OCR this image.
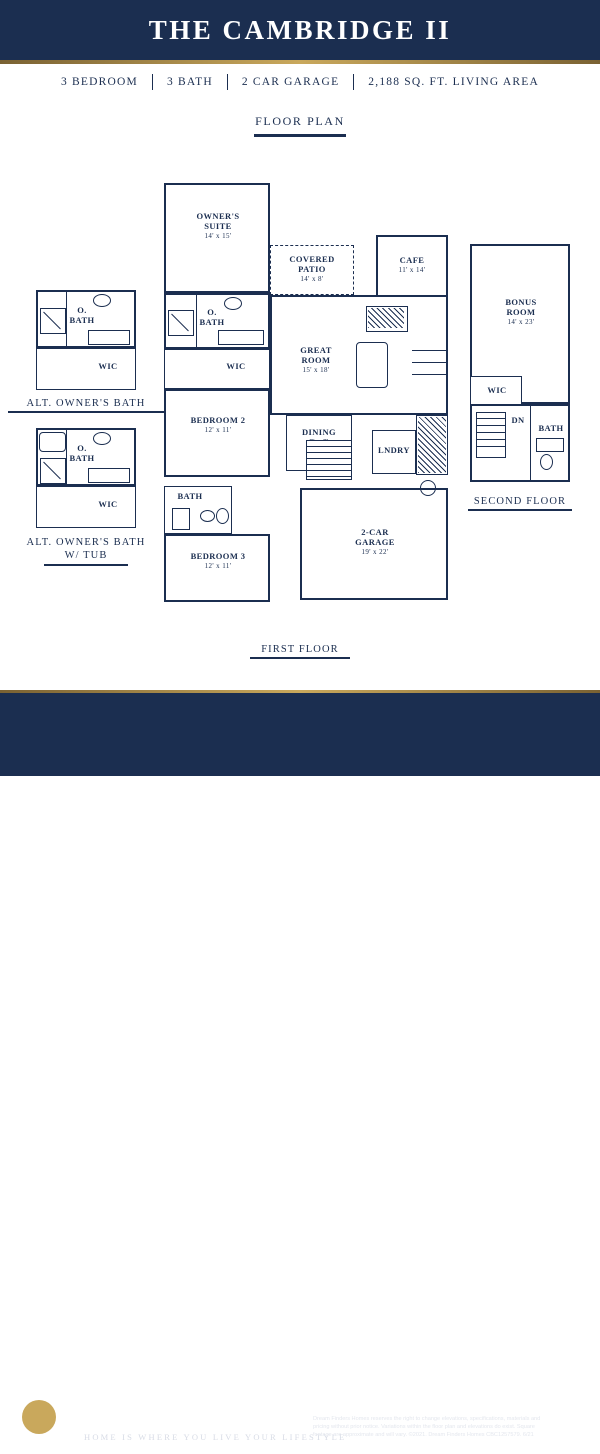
THE CAMBRIDGE II
3 BEDROOM	3 BATH	2 CAR GARAGE	2,188 SQ. FT. LIVING AREA
FLOOR PLAN
O.
BATH
WIC
ALT. OWNER'S BATH
O.
BATH
WIC
ALT. OWNER'S BATH
W/ TUB
OWNER'S
SUITE
14' x 15'
O.
BATH
WIC
BEDROOM 2
12' x 11'
BATH
BEDROOM 3
12' x 11'
COVERED
PATIO
14' x 8'
CAFE
11' x 14'
GREAT
ROOM
15' x 18'
DINING
LNDRY
2-CAR
GARAGE
19' x 22'
FIRST FLOOR
BONUS
ROOM
14' x 23'
WIC
DN
BATH
SECOND FLOOR
Dream Finders Homes
HOME IS WHERE YOU LIVE YOUR LIFESTYLE
DREAMFINDERSHOMES.COM
Dream Finders Homes reserves the right to change elevations, specifications, materials and pricing without prior notice. Variations within the floor plan and elevations do exist. Square footage are approximate and will vary. ©2021. Dream Finders Homes CBC1257579. 6/21
©
2024 NEFMLS, Inc
